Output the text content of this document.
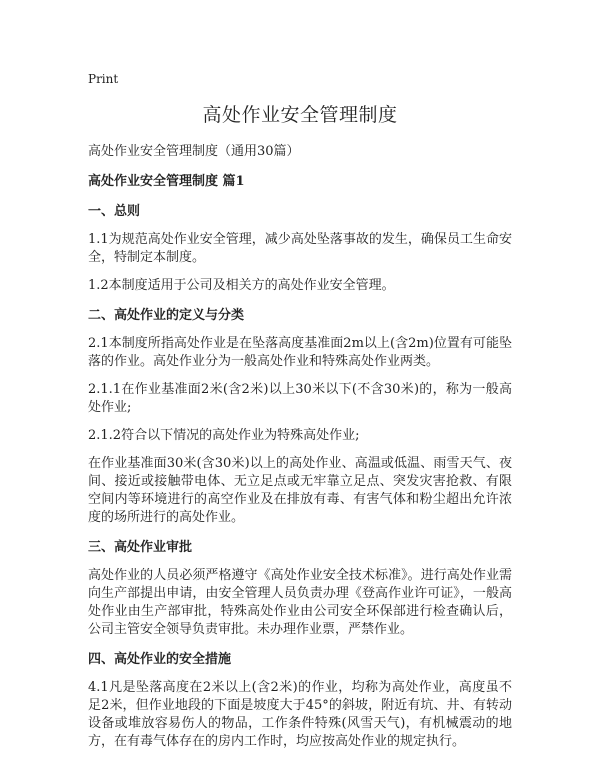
Print
高处作业安全管理制度

高处作业安全管理制度（通用30篇）

高处作业安全管理制度 篇1
一、总则

1.1为规范高处作业安全管理，减少高处坠落事故的发生，确保员工生命安全，特制定本制度。

1.2本制度适用于公司及相关方的高处作业安全管理。

二、高处作业的定义与分类

2.1本制度所指高处作业是在坠落高度基准面2m以上(含2m)位置有可能坠落的作业。高处作业分为一般高处作业和特殊高处作业两类。

2.1.1在作业基准面2米(含2米)以上30米以下(不含30米)的，称为一般高处作业;

2.1.2符合以下情况的高处作业为特殊高处作业;

在作业基准面30米(含30米)以上的高处作业、高温或低温、雨雪天气、夜间、接近或接触带电体、无立足点或无牢靠立足点、突发灾害抢救、有限空间内等环境进行的高空作业及在排放有毒、有害气体和粉尘超出允许浓度的场所进行的高处作业。

三、高处作业审批

高处作业的人员必须严格遵守《高处作业安全技术标准》。进行高处作业需向生产部提出申请，由安全管理人员负责办理《登高作业许可证》，一般高处作业由生产部审批，特殊高处作业由公司安全环保部进行检查确认后，公司主管安全领导负责审批。未办理作业票，严禁作业。

四、高处作业的安全措施

4.1凡是坠落高度在2米以上(含2米)的作业，均称为高处作业，高度虽不足2米，但作业地段的下面是坡度大于45°的斜坡，附近有坑、井、有转动设备或堆放容易伤人的物品，工作条件特殊(风雪天气)，有机械震动的地方，在有毒气体存在的房内工作时，均应按高处作业的规定执行。
